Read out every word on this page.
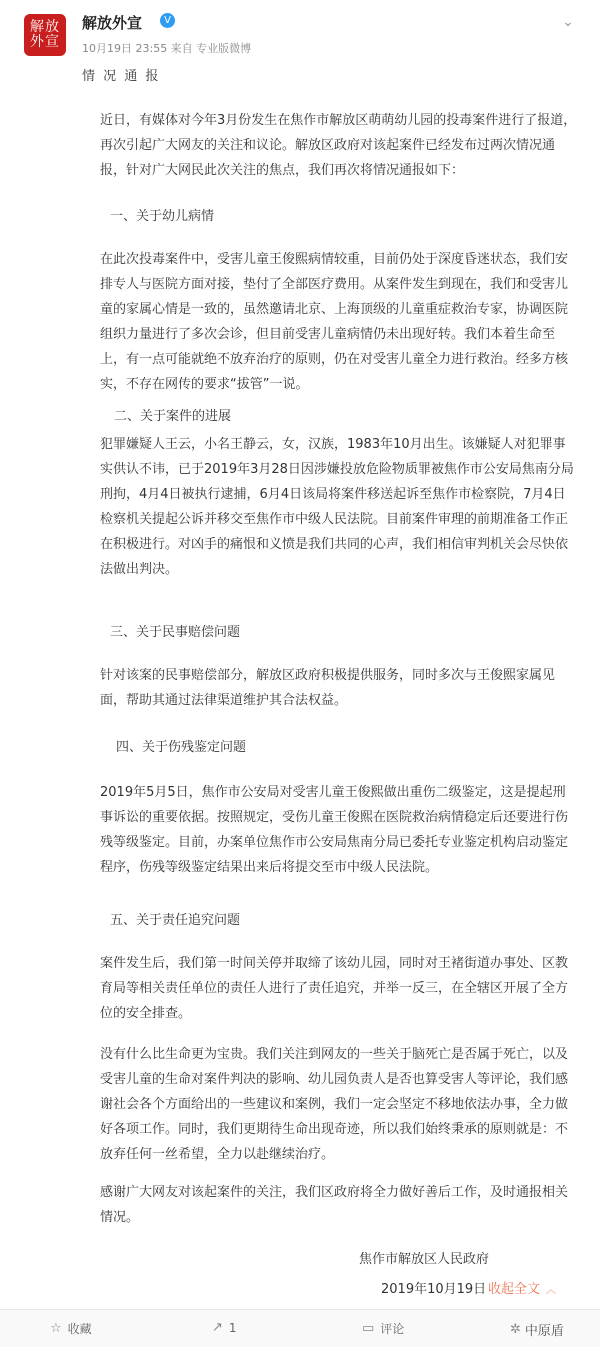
解放外宣
解放外宣	V
10月19日 23:55 来自 专业版微博
⌄
情 况 通 报

近日，有媒体对今年3月份发生在焦作市解放区萌萌幼儿园的投毒案件进行了报道，再次引起广大网友的关注和议论。解放区政府对该起案件已经发布过两次情况通报，针对广大网民此次关注的焦点，我们再次将情况通报如下：

一、关于幼儿病情

在此次投毒案件中，受害儿童王俊熙病情较重，目前仍处于深度昏迷状态，我们安排专人与医院方面对接，垫付了全部医疗费用。从案件发生到现在，我们和受害儿童的家属心情是一致的，虽然邀请北京、上海顶级的儿童重症救治专家，协调医院组织力量进行了多次会诊，但目前受害儿童病情仍未出现好转。我们本着生命至上，有一点可能就绝不放弃治疗的原则，仍在对受害儿童全力进行救治。经多方核实，不存在网传的要求“拔管”一说。

二、关于案件的进展

犯罪嫌疑人王云，小名王静云，女，汉族，1983年10月出生。该嫌疑人对犯罪事实供认不讳，已于2019年3月28日因涉嫌投放危险物质罪被焦作市公安局焦南分局刑拘，4月4日被执行逮捕，6月4日该局将案件移送起诉至焦作市检察院，7月4日检察机关提起公诉并移交至焦作市中级人民法院。目前案件审理的前期准备工作正在积极进行。对凶手的痛恨和义愤是我们共同的心声，我们相信审判机关会尽快依法做出判决。

三、关于民事赔偿问题

针对该案的民事赔偿部分，解放区政府积极提供服务，同时多次与王俊熙家属见面，帮助其通过法律渠道维护其合法权益。

四、关于伤残鉴定问题

2019年5月5日，焦作市公安局对受害儿童王俊熙做出重伤二级鉴定，这是提起刑事诉讼的重要依据。按照规定，受伤儿童王俊熙在医院救治病情稳定后还要进行伤残等级鉴定。目前，办案单位焦作市公安局焦南分局已委托专业鉴定机构启动鉴定程序，伤残等级鉴定结果出来后将提交至市中级人民法院。

五、关于责任追究问题

案件发生后，我们第一时间关停并取缔了该幼儿园，同时对王褚街道办事处、区教育局等相关责任单位的责任人进行了责任追究，并举一反三，在全辖区开展了全方位的安全排查。

没有什么比生命更为宝贵。我们关注到网友的一些关于脑死亡是否属于死亡，以及受害儿童的生命对案件判决的影响、幼儿园负责人是否也算受害人等评论，我们感谢社会各个方面给出的一些建议和案例，我们一定会坚定不移地依法办事，全力做好各项工作。同时，我们更期待生命出现奇迹，所以我们始终秉承的原则就是：不放弃任何一丝希望，全力以赴继续治疗。

感谢广大网友对该起案件的关注，我们区政府将全力做好善后工作，及时通报相关情况。

焦作市解放区人民政府
2019年10月19日 收起全文 ︿
☆ 收藏	↗ 1	▭ 评论	✲ 中原盾
